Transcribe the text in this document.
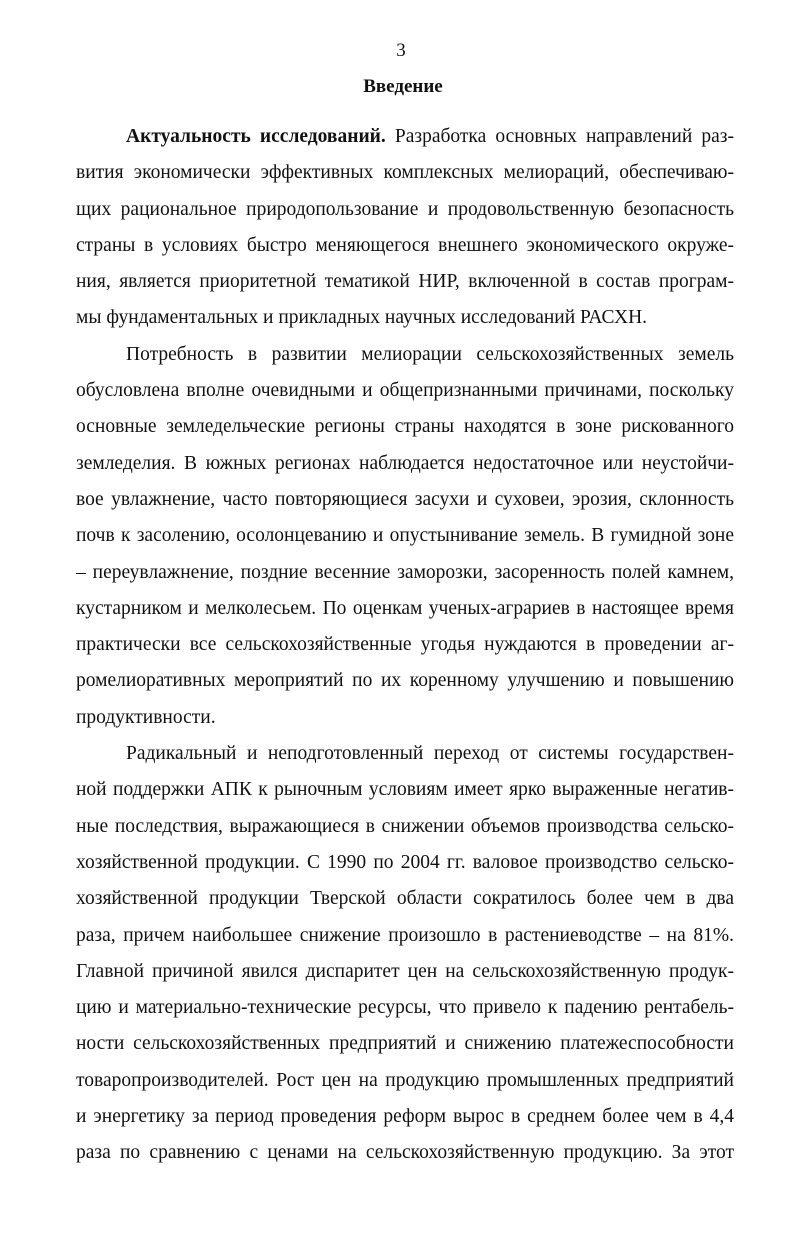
3
Введение
Актуальность исследований. Разработка основных направлений раз-
вития экономически эффективных комплексных мелиораций, обеспечиваю-
щих рациональное природопользование и продовольственную безопасность
страны в условиях быстро меняющегося внешнего экономического окруже-
ния, является приоритетной тематикой НИР, включенной в состав програм-
мы фундаментальных и прикладных научных исследований РАСХН.
Потребность в развитии мелиорации сельскохозяйственных земель
обусловлена вполне очевидными и общепризнанными причинами, поскольку
основные земледельческие регионы страны находятся в зоне рискованного
земледелия. В южных регионах наблюдается недостаточное или неустойчи-
вое увлажнение, часто повторяющиеся засухи и суховеи, эрозия, склонность
почв к засолению, осолонцеванию и опустынивание земель. В гумидной зоне
– переувлажнение, поздние весенние заморозки, засоренность полей камнем,
кустарником и мелколесьем. По оценкам ученых-аграриев в настоящее время
практически все сельскохозяйственные угодья нуждаются в проведении аг-
ромелиоративных мероприятий по их коренному улучшению и повышению
продуктивности.
Радикальный и неподготовленный переход от системы государствен-
ной поддержки АПК к рыночным условиям имеет ярко выраженные негатив-
ные последствия, выражающиеся в снижении объемов производства сельско-
хозяйственной продукции. С 1990 по 2004 гг. валовое производство сельско-
хозяйственной продукции Тверской области сократилось более чем в два
раза, причем наибольшее снижение произошло в растениеводстве – на 81%.
Главной причиной явился диспаритет цен на сельскохозяйственную продук-
цию и материально-технические ресурсы, что привело к падению рентабель-
ности сельскохозяйственных предприятий и снижению платежеспособности
товаропроизводителей. Рост цен на продукцию промышленных предприятий
и энергетику за период проведения реформ вырос в среднем более чем в 4,4
раза по сравнению с ценами на сельскохозяйственную продукцию. За этот
